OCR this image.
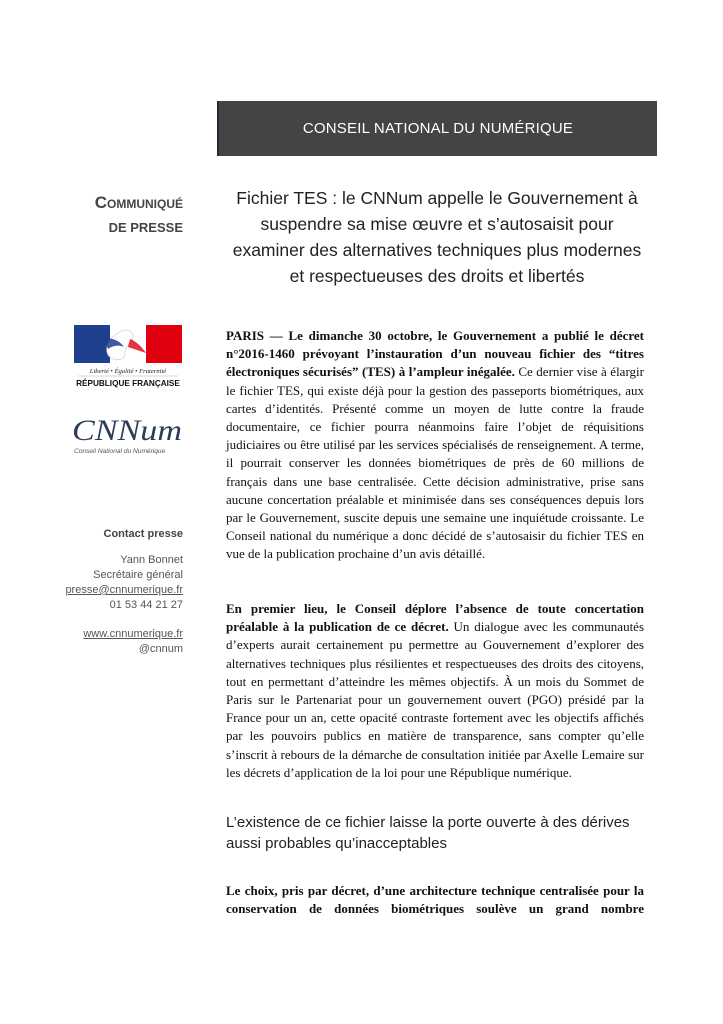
CONSEIL NATIONAL DU NUMÉRIQUE
Communiqué
DE PRESSE
Fichier TES : le CNNum appelle le Gouvernement à suspendre sa mise œuvre et s’autosaisit pour examiner des alternatives techniques plus modernes et respectueuses des droits et libertés
Liberté • Égalité • Fraternité
RÉPUBLIQUE FRANÇAISE
CNNum
Conseil National du Numérique
Contact presse
Yann Bonnet
Secrétaire général
presse@cnnumerique.fr
01 53 44 21 27
www.cnnumerique.fr
@cnnum
PARIS — Le dimanche 30 octobre, le Gouvernement a publié le décret n°2016-1460 prévoyant l’instauration d’un nouveau fichier des “titres électroniques sécurisés” (TES) à l’ampleur inégalée. Ce dernier vise à élargir le fichier TES, qui existe déjà pour la gestion des passeports biométriques, aux cartes d’identités. Présenté comme un moyen de lutte contre la fraude documentaire, ce fichier pourra néanmoins faire l’objet de réquisitions judiciaires ou être utilisé par les services spécialisés de renseignement. A terme, il pourrait conserver les données biométriques de près de 60 millions de français dans une base centralisée. Cette décision administrative, prise sans aucune concertation préalable et minimisée dans ses conséquences depuis lors par le Gouvernement, suscite depuis une semaine une inquiétude croissante. Le Conseil national du numérique a donc décidé de s’autosaisir du fichier TES en vue de la publication prochaine d’un avis détaillé.
En premier lieu, le Conseil déplore l’absence de toute concertation préalable à la publication de ce décret. Un dialogue avec les communautés d’experts aurait certainement pu permettre au Gouvernement d’explorer des alternatives techniques plus résilientes et respectueuses des droits des citoyens, tout en permettant d’atteindre les mêmes objectifs. À un mois du Sommet de Paris sur le Partenariat pour un gouvernement ouvert (PGO) présidé par la France pour un an, cette opacité contraste fortement avec les objectifs affichés par les pouvoirs publics en matière de transparence, sans compter qu’elle s’inscrit à rebours de la démarche de consultation initiée par Axelle Lemaire sur les décrets d’application de la loi pour une République numérique.
L’existence de ce fichier laisse la porte ouverte à des dérives aussi probables qu’inacceptables
Le choix, pris par décret, d’une architecture technique centralisée pour la conservation de données biométriques soulève un grand nombre
